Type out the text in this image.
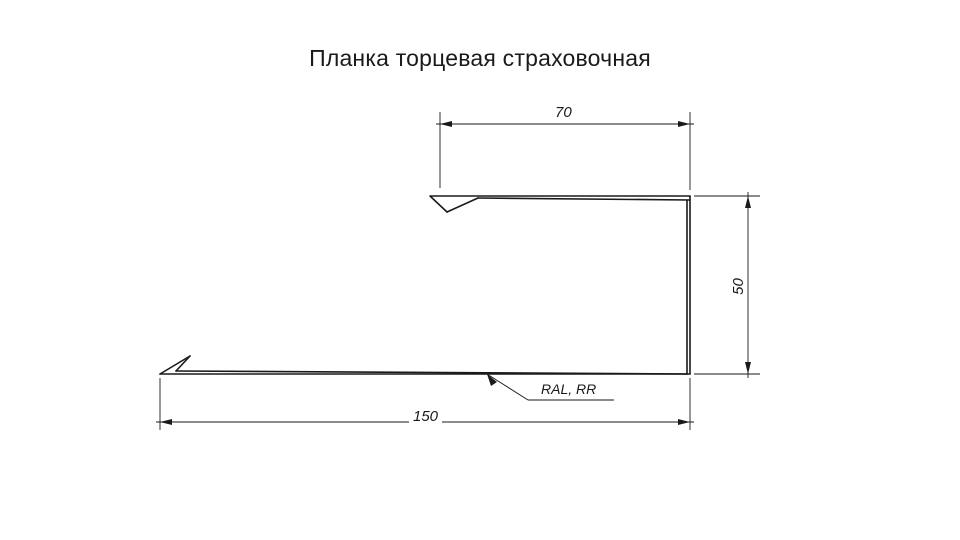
Планка торцевая страховочная
70
150
50
RAL, RR
